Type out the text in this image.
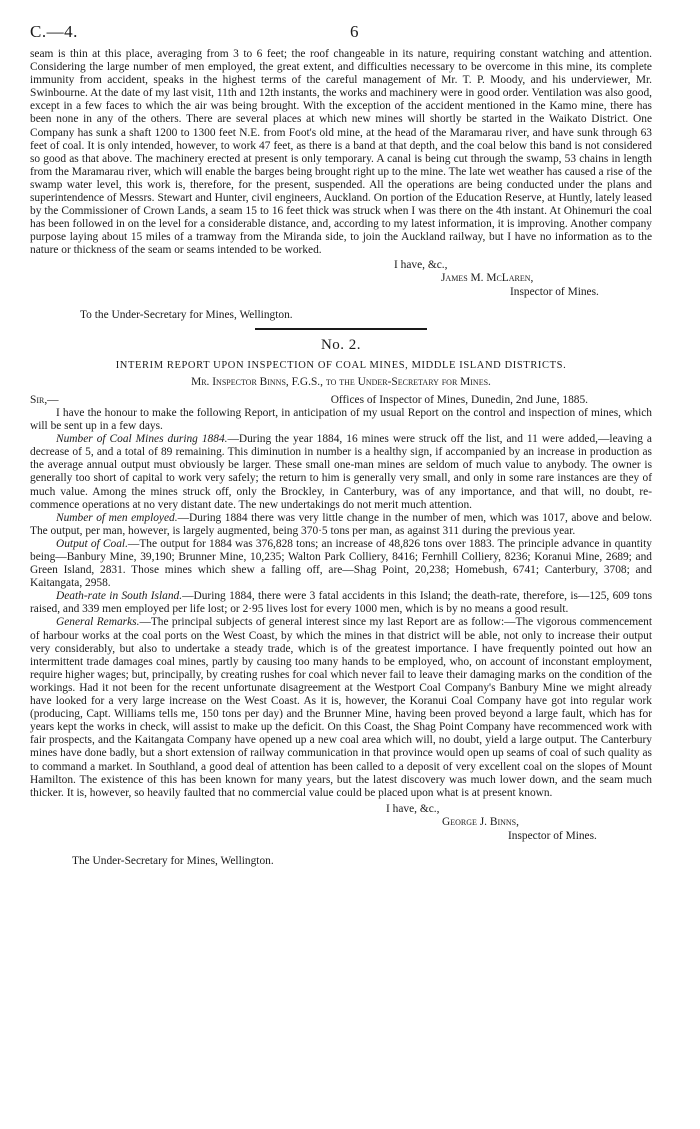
C.—4.	6

seam is thin at this place, averaging from 3 to 6 feet; the roof changeable in its nature, requiring constant watching and attention. Considering the large number of men employed, the great extent, and difficulties necessary to be overcome in this mine, its complete immunity from accident, speaks in the highest terms of the careful management of Mr. T. P. Moody, and his underviewer, Mr. Swinbourne. At the date of my last visit, 11th and 12th instants, the works and machinery were in good order. Ventilation was also good, except in a few faces to which the air was being brought. With the exception of the accident mentioned in the Kamo mine, there has been none in any of the others. There are several places at which new mines will shortly be started in the Waikato District. One Company has sunk a shaft 1200 to 1300 feet N.E. from Foot's old mine, at the head of the Maramarau river, and have sunk through 63 feet of coal. It is only intended, however, to work 47 feet, as there is a band at that depth, and the coal below this band is not considered so good as that above. The machinery erected at present is only temporary. A canal is being cut through the swamp, 53 chains in length from the Maramarau river, which will enable the barges being brought right up to the mine. The late wet weather has caused a rise of the swamp water level, this work is, therefore, for the present, suspended. All the operations are being conducted under the plans and superintendence of Messrs. Stewart and Hunter, civil engineers, Auckland. On portion of the Education Reserve, at Huntly, lately leased by the Commissioner of Crown Lands, a seam 15 to 16 feet thick was struck when I was there on the 4th instant. At Ohinemuri the coal has been followed in on the level for a considerable distance, and, according to my latest information, it is improving. Another company purpose laying about 15 miles of a tramway from the Miranda side, to join the Auckland railway, but I have no information as to the nature or thickness of the seam or seams intended to be worked.

I have, &c.,
James M. McLaren,
Inspector of Mines.
To the Under-Secretary for Mines, Wellington.
No. 2.
INTERIM REPORT UPON INSPECTION OF COAL MINES, MIDDLE ISLAND DISTRICTS.
Mr. Inspector Binns, F.G.S., to the Under-Secretary for Mines.
Sir,—	Offices of Inspector of Mines, Dunedin, 2nd June, 1885.

I have the honour to make the following Report, in anticipation of my usual Report on the control and inspection of mines, which will be sent up in a few days.

Number of Coal Mines during 1884.—During the year 1884, 16 mines were struck off the list, and 11 were added,—leaving a decrease of 5, and a total of 89 remaining. This diminution in number is a healthy sign, if accompanied by an increase in production as the average annual output must obviously be larger. These small one-man mines are seldom of much value to anybody. The owner is generally too short of capital to work very safely; the return to him is generally very small, and only in some rare instances are they of much value. Among the mines struck off, only the Brockley, in Canterbury, was of any importance, and that will, no doubt, re-commence operations at no very distant date. The new undertakings do not merit much attention.

Number of men employed.—During 1884 there was very little change in the number of men, which was 1017, above and below. The output, per man, however, is largely augmented, being 370·5 tons per man, as against 311 during the previous year.

Output of Coal.—The output for 1884 was 376,828 tons; an increase of 48,826 tons over 1883. The principle advance in quantity being—Banbury Mine, 39,190; Brunner Mine, 10,235; Walton Park Colliery, 8416; Fernhill Colliery, 8236; Koranui Mine, 2689; and Green Island, 2831. Those mines which shew a falling off, are—Shag Point, 20,238; Homebush, 6741; Canterbury, 3708; and Kaitangata, 2958.

Death-rate in South Island.—During 1884, there were 3 fatal accidents in this Island; the death-rate, therefore, is—125, 609 tons raised, and 339 men employed per life lost; or 2·95 lives lost for every 1000 men, which is by no means a good result.

General Remarks.—The principal subjects of general interest since my last Report are as follow:—The vigorous commencement of harbour works at the coal ports on the West Coast, by which the mines in that district will be able, not only to increase their output very considerably, but also to undertake a steady trade, which is of the greatest importance. I have frequently pointed out how an intermittent trade damages coal mines, partly by causing too many hands to be employed, who, on account of inconstant employment, require higher wages; but, principally, by creating rushes for coal which never fail to leave their damaging marks on the condition of the workings. Had it not been for the recent unfortunate disagreement at the Westport Coal Company's Banbury Mine we might already have looked for a very large increase on the West Coast. As it is, however, the Koranui Coal Company have got into regular work (producing, Capt. Williams tells me, 150 tons per day) and the Brunner Mine, having been proved beyond a large fault, which has for years kept the works in check, will assist to make up the deficit. On this Coast, the Shag Point Company have recommenced work with fair prospects, and the Kaitangata Company have opened up a new coal area which will, no doubt, yield a large output. The Canterbury mines have done badly, but a short extension of railway communication in that province would open up seams of coal of such quality as to command a market. In Southland, a good deal of attention has been called to a deposit of very excellent coal on the slopes of Mount Hamilton. The existence of this has been known for many years, but the latest discovery was much lower down, and the seam much thicker. It is, however, so heavily faulted that no commercial value could be placed upon what is at present known.

I have, &c.,
George J. Binns,
Inspector of Mines.
The Under-Secretary for Mines, Wellington.
